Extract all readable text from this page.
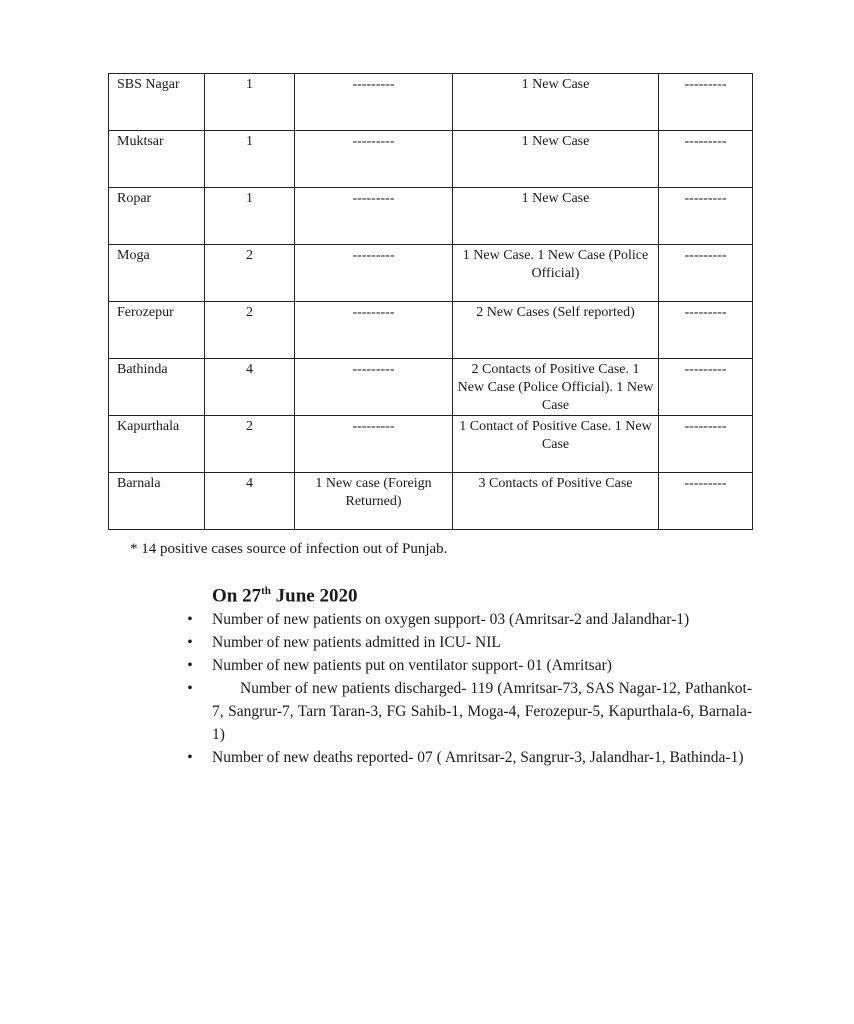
SBS Nagar	1	---------	1 New Case	---------
Muktsar	1	---------	1 New Case	---------
Ropar	1	---------	1 New Case	---------
Moga	2	---------	1 New Case. 1 New Case (Police Official)	---------
Ferozepur	2	---------	2 New Cases (Self reported)	---------
Bathinda	4	---------	2 Contacts of Positive Case. 1 New Case (Police Official). 1 New Case	---------
Kapurthala	2	---------	1 Contact of Positive Case. 1 New Case	---------
Barnala	4	1 New case (Foreign Returned)	3 Contacts of Positive Case	---------
* 14 positive cases source of infection out of Punjab.
On 27th June 2020
• Number of new patients on oxygen support- 03 (Amritsar-2 and Jalandhar-1)
• Number of new patients admitted in ICU- NIL
• Number of new patients put on ventilator support- 01 (Amritsar)
•	Number of new patients discharged- 119 (Amritsar-73, SAS Nagar-12, Pathankot-7, Sangrur-7, Tarn Taran-3, FG Sahib-1, Moga-4, Ferozepur-5, Kapurthala-6, Barnala-1)
• Number of new deaths reported- 07 ( Amritsar-2, Sangrur-3, Jalandhar-1, Bathinda-1)
